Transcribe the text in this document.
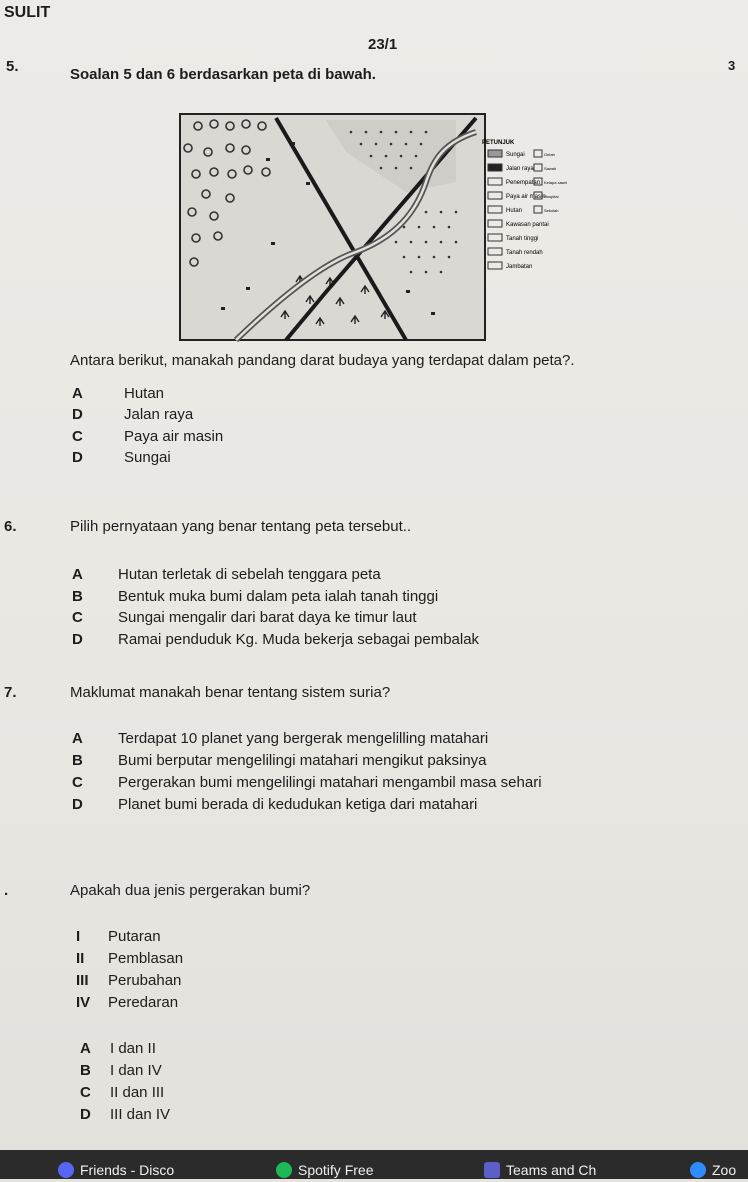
SULIT
23/1
3
5.	Soalan 5 dan 6 berdasarkan peta di bawah.
PETUNJUK
Sungai
Jalan raya
Penempatan
Paya air masin
Hutan
Kawasan pantai
Tanah tinggi
Tanah rendah
Jambatan
Getah
Sawah
Kelapa sawit
Hospital
Sekolah
Antara berikut, manakah pandang darat budaya yang terdapat dalam peta?.
A	Hutan
D	Jalan raya
C	Paya air masin
D	Sungai
6.	Pilih pernyataan yang benar tentang peta tersebut..
A Hutan terletak di sebelah tenggara peta
B Bentuk muka bumi dalam peta ialah tanah tinggi
C Sungai mengalir dari barat daya ke timur laut
D Ramai penduduk Kg. Muda bekerja sebagai pembalak
7.	Maklumat manakah benar tentang sistem suria?
A Terdapat 10 planet yang bergerak mengelilling matahari
B Bumi berputar mengelilingi matahari mengikut paksinya
C Pergerakan bumi mengelilingi matahari mengambil masa sehari
D Planet bumi berada di kedudukan ketiga dari matahari
.	Apakah dua jenis pergerakan bumi?
I Putaran
II Pemblasan
III Perubahan
IV Peredaran
A I dan II
B I dan IV
C II dan III
D III dan IV
Friends - Disco	Spotify Free	Teams and Ch	Zoo
